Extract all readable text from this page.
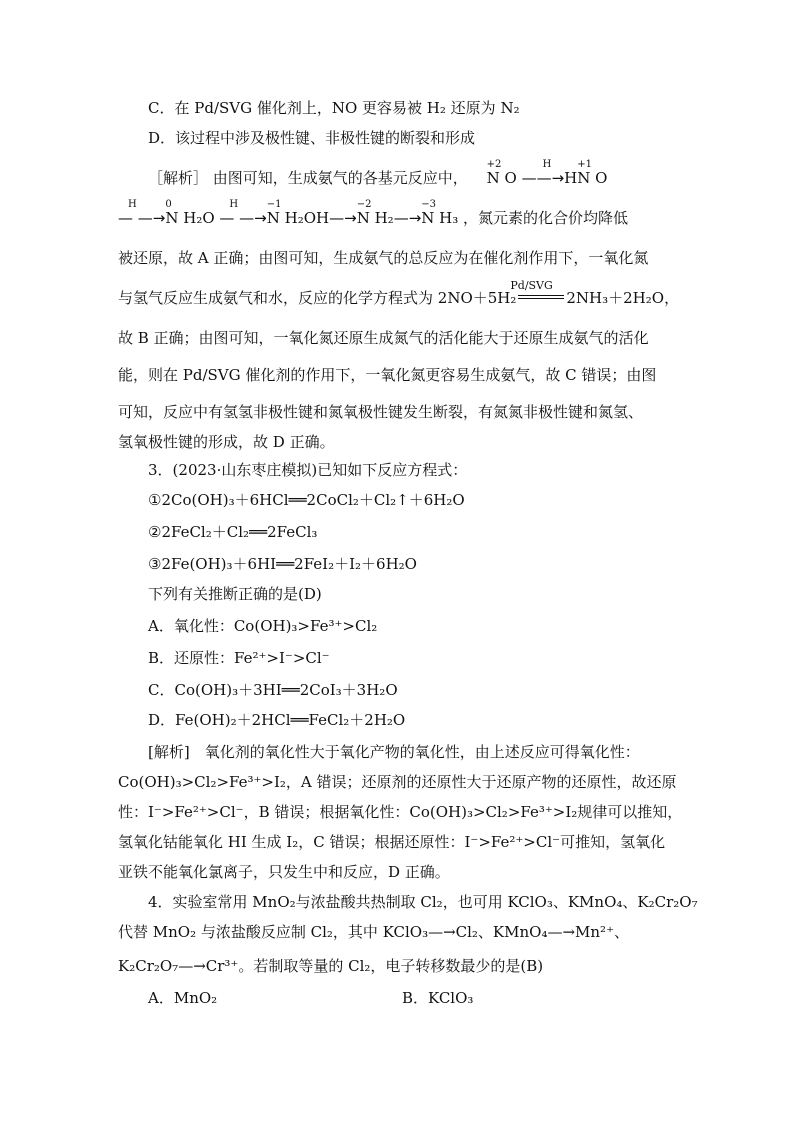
C．在 Pd/SVG 催化剂上，NO 更容易被 H₂ 还原为 N₂
D．该过程中涉及极性键、非极性键的断裂和形成
［解析］ 由图可知，生成氨气的各基元反应中，
+2
N O —
H
—→H
+1
N O
H
— —→
0
N H₂O
H
— —→
−1
N H₂OH—→
−2
N H₂—→
−3
N H₃ ，氮元素的化合价均降低
被还原，故 A 正确；由图可知，生成氨气的总反应为在催化剂作用下，一氧化氮
与氢气反应生成氨气和水，反应的化学方程式为 2NO＋5H₂
Pd/SVG
2NH₃＋2H₂O，
故 B 正确；由图可知，一氧化氮还原生成氮气的活化能大于还原生成氨气的活化
能，则在 Pd/SVG 催化剂的作用下，一氧化氮更容易生成氨气，故 C 错误；由图
可知，反应中有氢氢非极性键和氮氧极性键发生断裂，有氮氮非极性键和氮氢、
氢氧极性键的形成，故 D 正确。
3．(2023·山东枣庄模拟)已知如下反应方程式：
①2Co(OH)₃＋6HCl══2CoCl₂＋Cl₂↑＋6H₂O
②2FeCl₂＋Cl₂══2FeCl₃
③2Fe(OH)₃＋6HI══2FeI₂＋I₂＋6H₂O
下列有关推断正确的是(D)
A．氧化性：Co(OH)₃>Fe³⁺>Cl₂
B．还原性：Fe²⁺>I⁻>Cl⁻
C．Co(OH)₃＋3HI══2CoI₃＋3H₂O
D．Fe(OH)₂＋2HCl══FeCl₂＋2H₂O
[解析]　氧化剂的氧化性大于氧化产物的氧化性，由上述反应可得氧化性：
Co(OH)₃>Cl₂>Fe³⁺>I₂，A 错误；还原剂的还原性大于还原产物的还原性，故还原
性：I⁻>Fe²⁺>Cl⁻，B 错误；根据氧化性：Co(OH)₃>Cl₂>Fe³⁺>I₂规律可以推知，
氢氧化钴能氧化 HI 生成 I₂，C 错误；根据还原性：I⁻>Fe²⁺>Cl⁻可推知，氢氧化
亚铁不能氧化氯离子，只发生中和反应，D 正确。
4．实验室常用 MnO₂与浓盐酸共热制取 Cl₂，也可用 KClO₃、KMnO₄、K₂Cr₂O₇
代替 MnO₂ 与浓盐酸反应制 Cl₂，其中 KClO₃—→Cl₂、KMnO₄—→Mn²⁺、
K₂Cr₂O₇—→Cr³⁺。若制取等量的 Cl₂，电子转移数最少的是(B)
A．MnO₂	B．KClO₃
